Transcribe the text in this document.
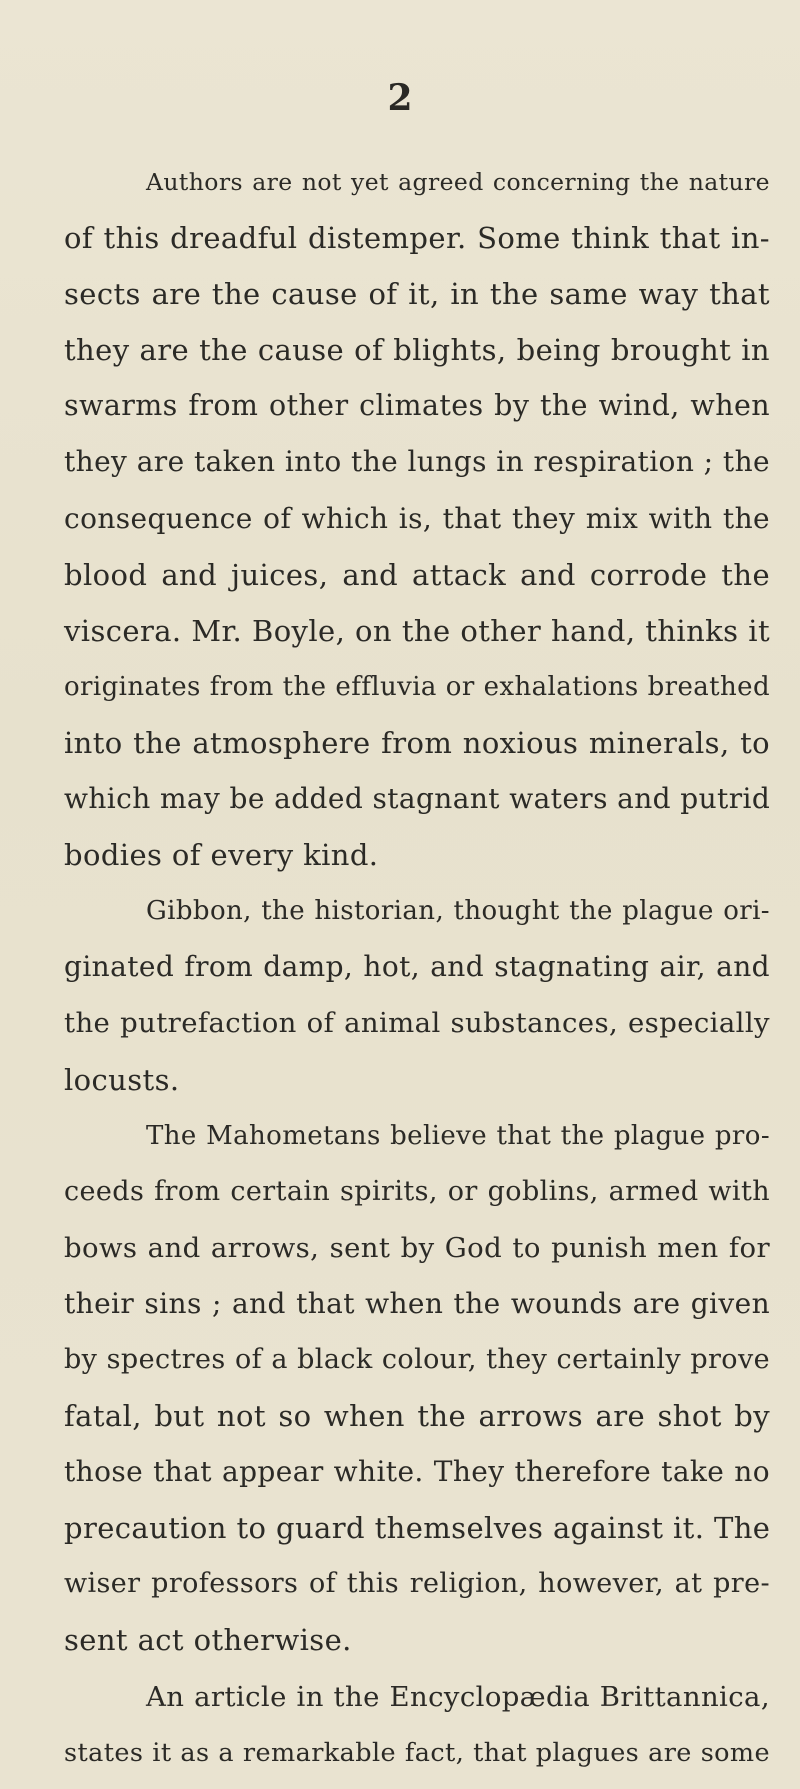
2
Authors are not yet agreed concerning the nature
of this dreadful distemper. Some think that in-
sects are the cause of it, in the same way that
they are the cause of blights, being brought in
swarms from other climates by the wind, when
they are taken into the lungs in respiration ; the
consequence of which is, that they mix with the
blood and juices, and attack and corrode the
viscera. Mr. Boyle, on the other hand, thinks it
originates from the effluvia or exhalations breathed
into the atmosphere from noxious minerals, to
which may be added stagnant waters and putrid
bodies of every kind.
Gibbon, the historian, thought the plague ori-
ginated from damp, hot, and stagnating air, and
the putrefaction of animal substances, especially
locusts.
The Mahometans believe that the plague pro-
ceeds from certain spirits, or goblins, armed with
bows and arrows, sent by God to punish men for
their sins ; and that when the wounds are given
by spectres of a black colour, they certainly prove
fatal, but not so when the arrows are shot by
those that appear white. They therefore take no
precaution to guard themselves against it. The
wiser professors of this religion, however, at pre-
sent act otherwise.
An article in the Encyclopædia Brittannica,
states it as a remarkable fact, that plagues are some
